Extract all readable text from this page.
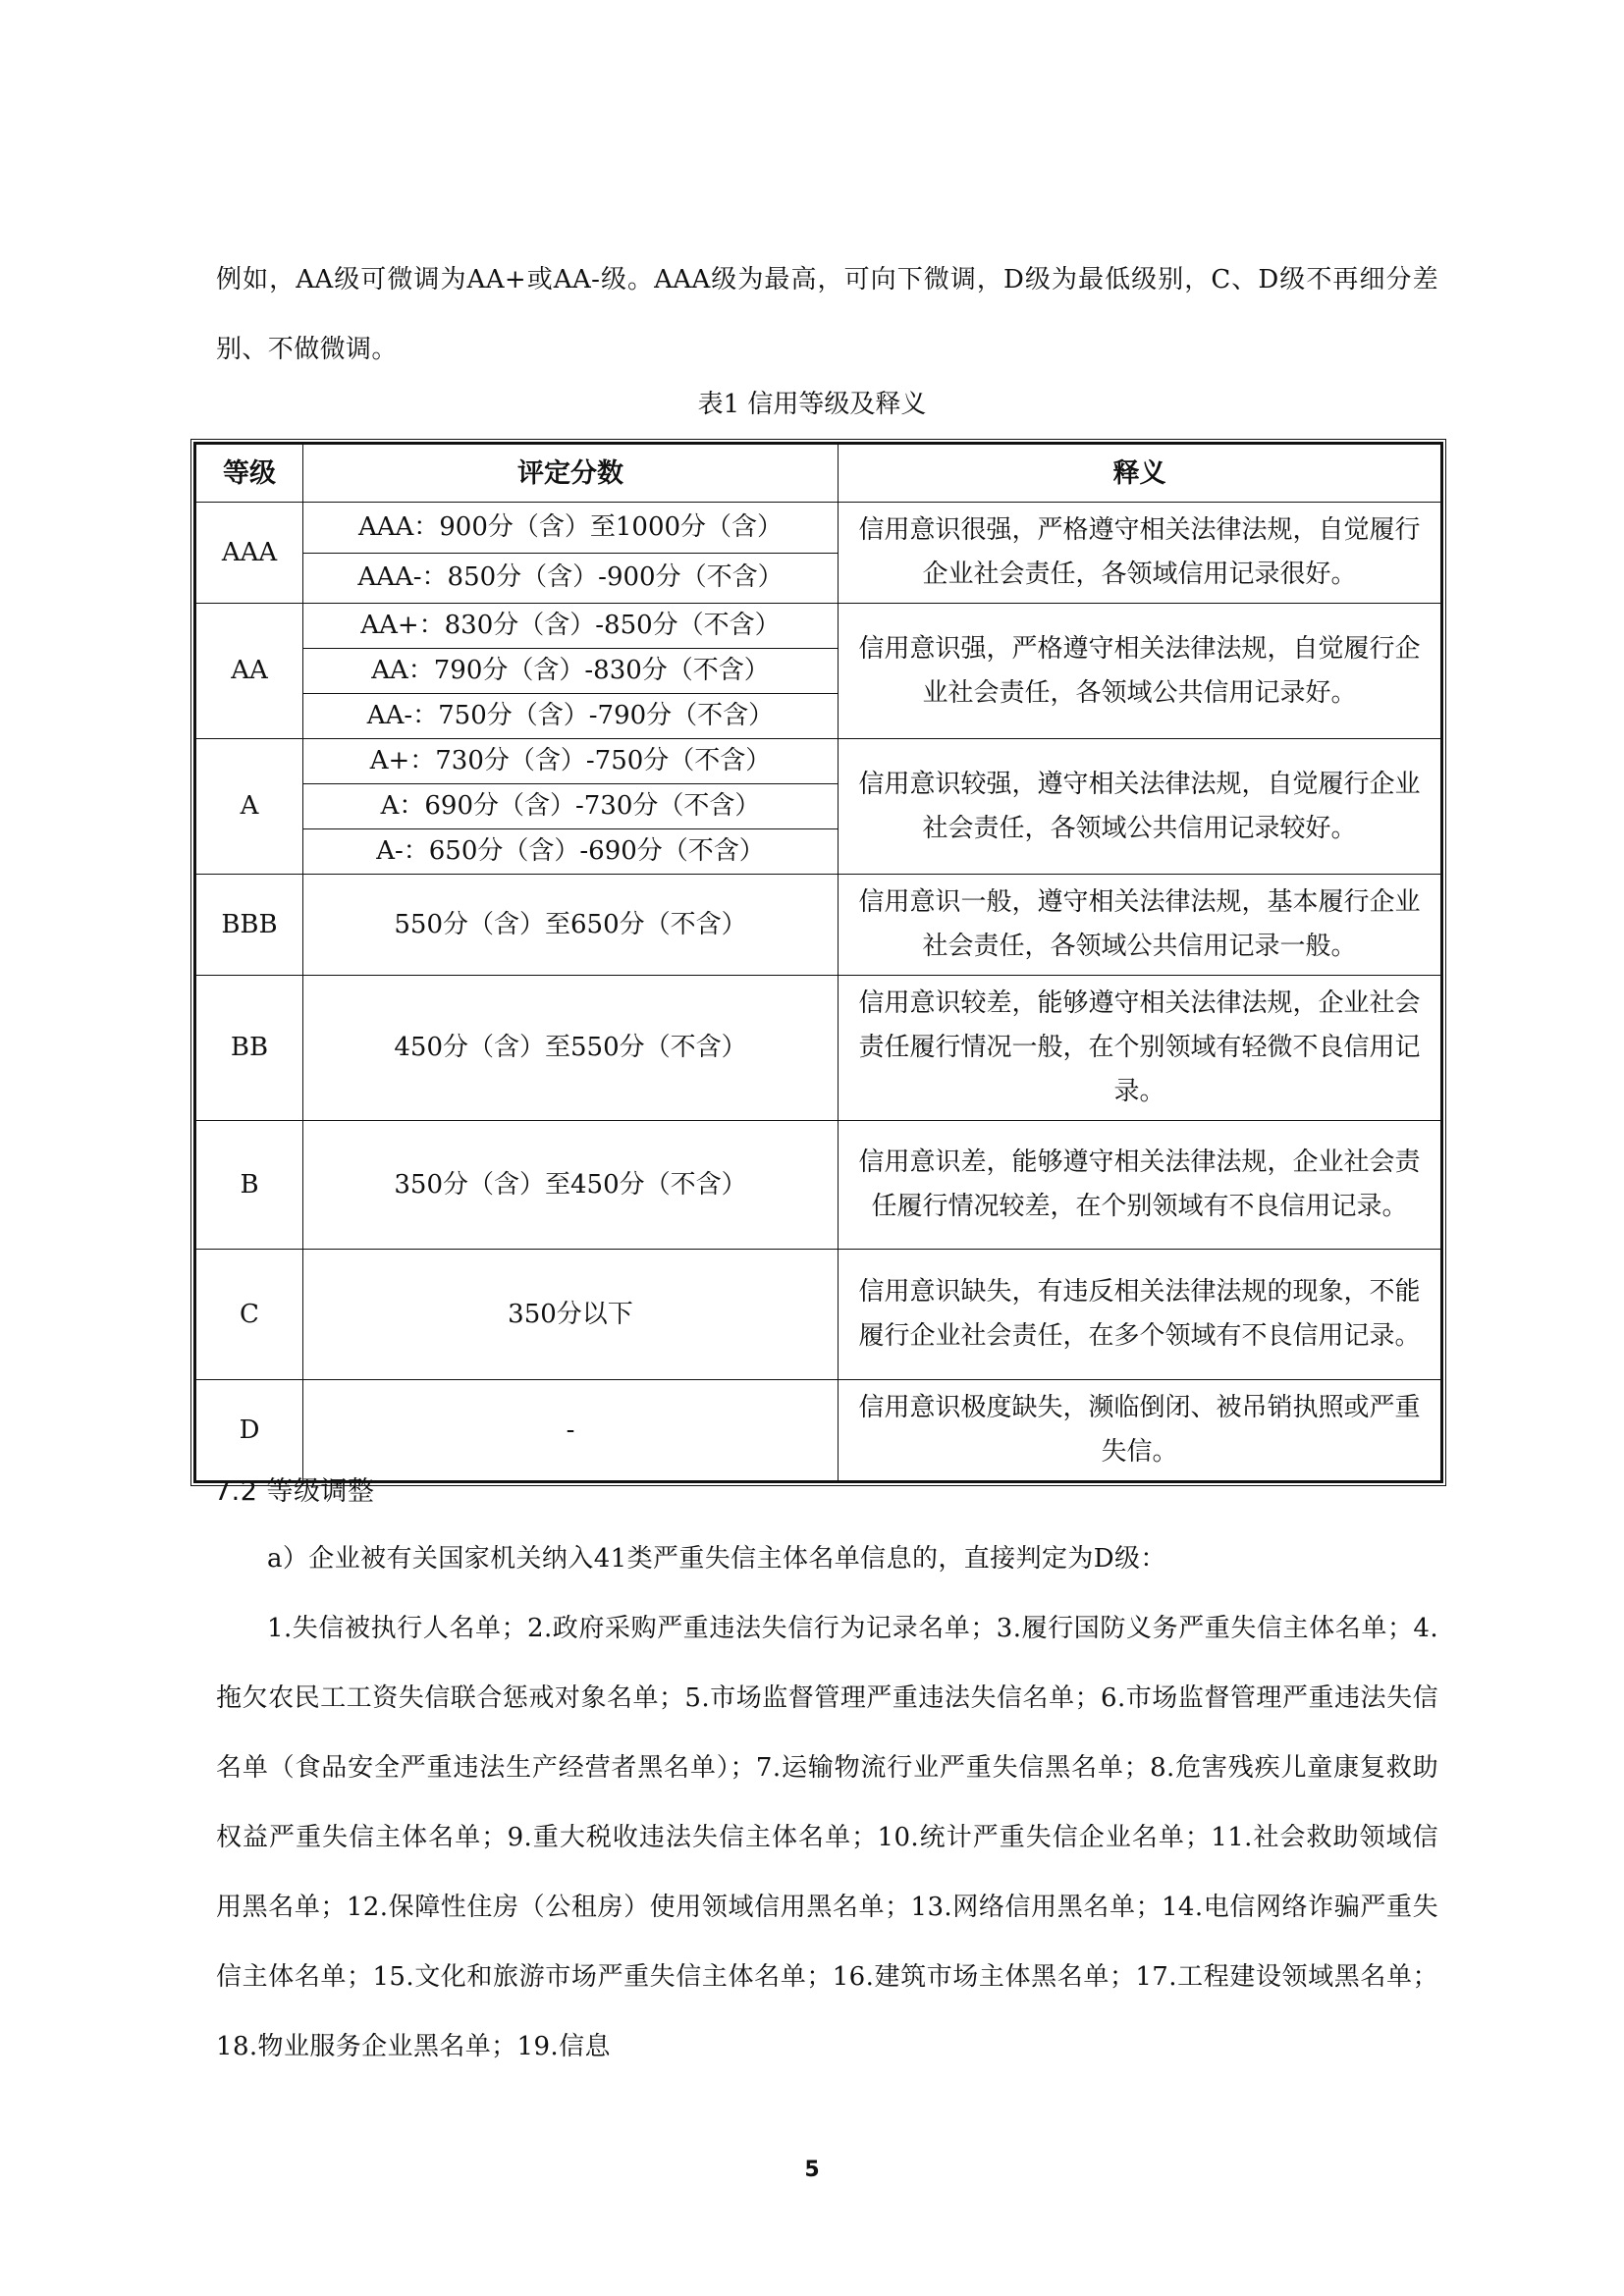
例如，AA级可微调为AA+或AA-级。AAA级为最高，可向下微调，D级为最低级别，C、D级不再细分差别、不做微调。

表1 信用等级及释义
等级	评定分数	释义
AAA	AAA：900分（含）至1000分（含）	信用意识很强，严格遵守相关法律法规，自觉履行企业社会责任，各领域信用记录很好。
	AAA-：850分（含）-900分（不含）	
AA	AA+：830分（含）-850分（不含）	信用意识强，严格遵守相关法律法规，自觉履行企业社会责任，各领域公共信用记录好。
	AA：790分（含）-830分（不含）	
	AA-：750分（含）-790分（不含）	
A	A+：730分（含）-750分（不含）	信用意识较强，遵守相关法律法规，自觉履行企业社会责任，各领域公共信用记录较好。
	A：690分（含）-730分（不含）	
	A-：650分（含）-690分（不含）	
BBB	550分（含）至650分（不含）	信用意识一般，遵守相关法律法规，基本履行企业社会责任，各领域公共信用记录一般。
BB	450分（含）至550分（不含）	信用意识较差，能够遵守相关法律法规，企业社会责任履行情况一般，在个别领域有轻微不良信用记录。
B	350分（含）至450分（不含）	信用意识差，能够遵守相关法律法规，企业社会责任履行情况较差，在个别领域有不良信用记录。
C	350分以下	信用意识缺失，有违反相关法律法规的现象，不能履行企业社会责任，在多个领域有不良信用记录。
D	-	信用意识极度缺失，濒临倒闭、被吊销执照或严重失信。
7.2 等级调整

a）企业被有关国家机关纳入41类严重失信主体名单信息的，直接判定为D级：

1.失信被执行人名单；2.政府采购严重违法失信行为记录名单；3.履行国防义务严重失信主体名单；4.拖欠农民工工资失信联合惩戒对象名单；5.市场监督管理严重违法失信名单；6.市场监督管理严重违法失信名单（食品安全严重违法生产经营者黑名单）；7.运输物流行业严重失信黑名单；8.危害残疾儿童康复救助权益严重失信主体名单；9.重大税收违法失信主体名单；10.统计严重失信企业名单；11.社会救助领域信用黑名单；12.保障性住房（公租房）使用领域信用黑名单；13.网络信用黑名单；14.电信网络诈骗严重失信主体名单；15.文化和旅游市场严重失信主体名单；16.建筑市场主体黑名单；17.工程建设领域黑名单；18.物业服务企业黑名单；19.信息

5
